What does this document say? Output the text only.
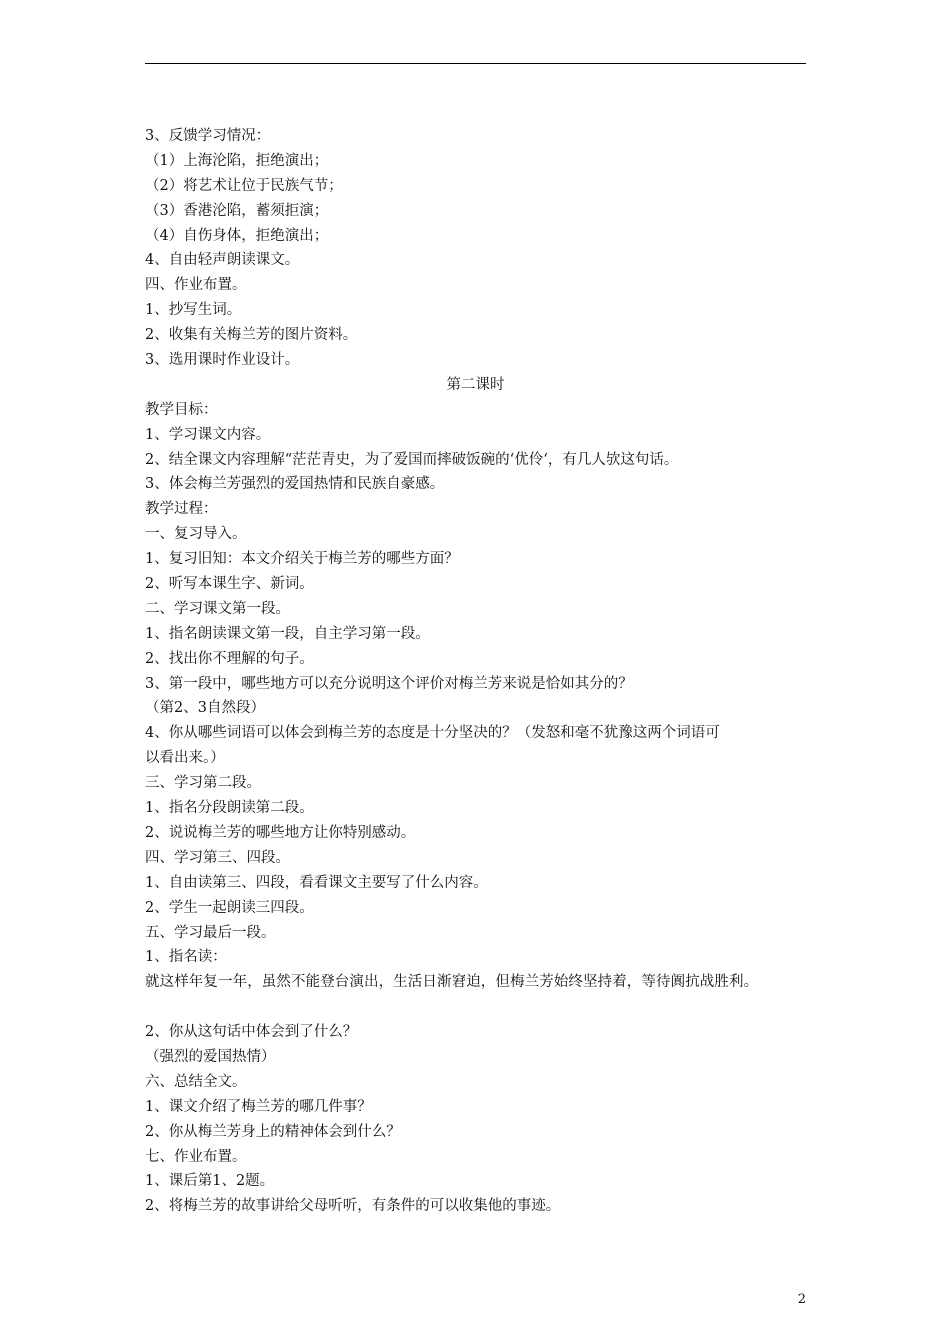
3、反馈学习情况：
（1）上海沦陷，拒绝演出；
（2）将艺术让位于民族气节；
（3）香港沦陷，蓄须拒演；
（4）自伤身体，拒绝演出；
4、自由轻声朗读课文。
四、作业布置。
1、抄写生词。
2、收集有关梅兰芳的图片资料。
3、选用课时作业设计。
第二课时
教学目标：
1、学习课文内容。
2、结全课文内容理解“茫茫青史，为了爱国而摔破饭碗的‘优伶‘，有几人欤这句话。
3、体会梅兰芳强烈的爱国热情和民族自豪感。
教学过程：
一、复习导入。
1、复习旧知：本文介绍关于梅兰芳的哪些方面？
2、听写本课生字、新词。
二、学习课文第一段。
1、指名朗读课文第一段，自主学习第一段。
2、找出你不理解的句子。
3、第一段中，哪些地方可以充分说明这个评价对梅兰芳来说是恰如其分的？
（第2、3自然段）
4、你从哪些词语可以体会到梅兰芳的态度是十分坚决的？（发怒和毫不犹豫这两个词语可
以看出来。）
三、学习第二段。
1、指名分段朗读第二段。
2、说说梅兰芳的哪些地方让你特别感动。
四、学习第三、四段。
1、自由读第三、四段，看看课文主要写了什么内容。
2、学生一起朗读三四段。
五、学习最后一段。
1、指名读：
就这样年复一年，虽然不能登台演出，生活日渐窘迫，但梅兰芳始终坚持着，等待阗抗战胜利。
2、你从这句话中体会到了什么？
（强烈的爱国热情）
六、总结全文。
1、课文介绍了梅兰芳的哪几件事？
2、你从梅兰芳身上的精神体会到什么？
七、作业布置。
1、课后第1、2题。
2、将梅兰芳的故事讲给父母听听，有条件的可以收集他的事迹。
2
